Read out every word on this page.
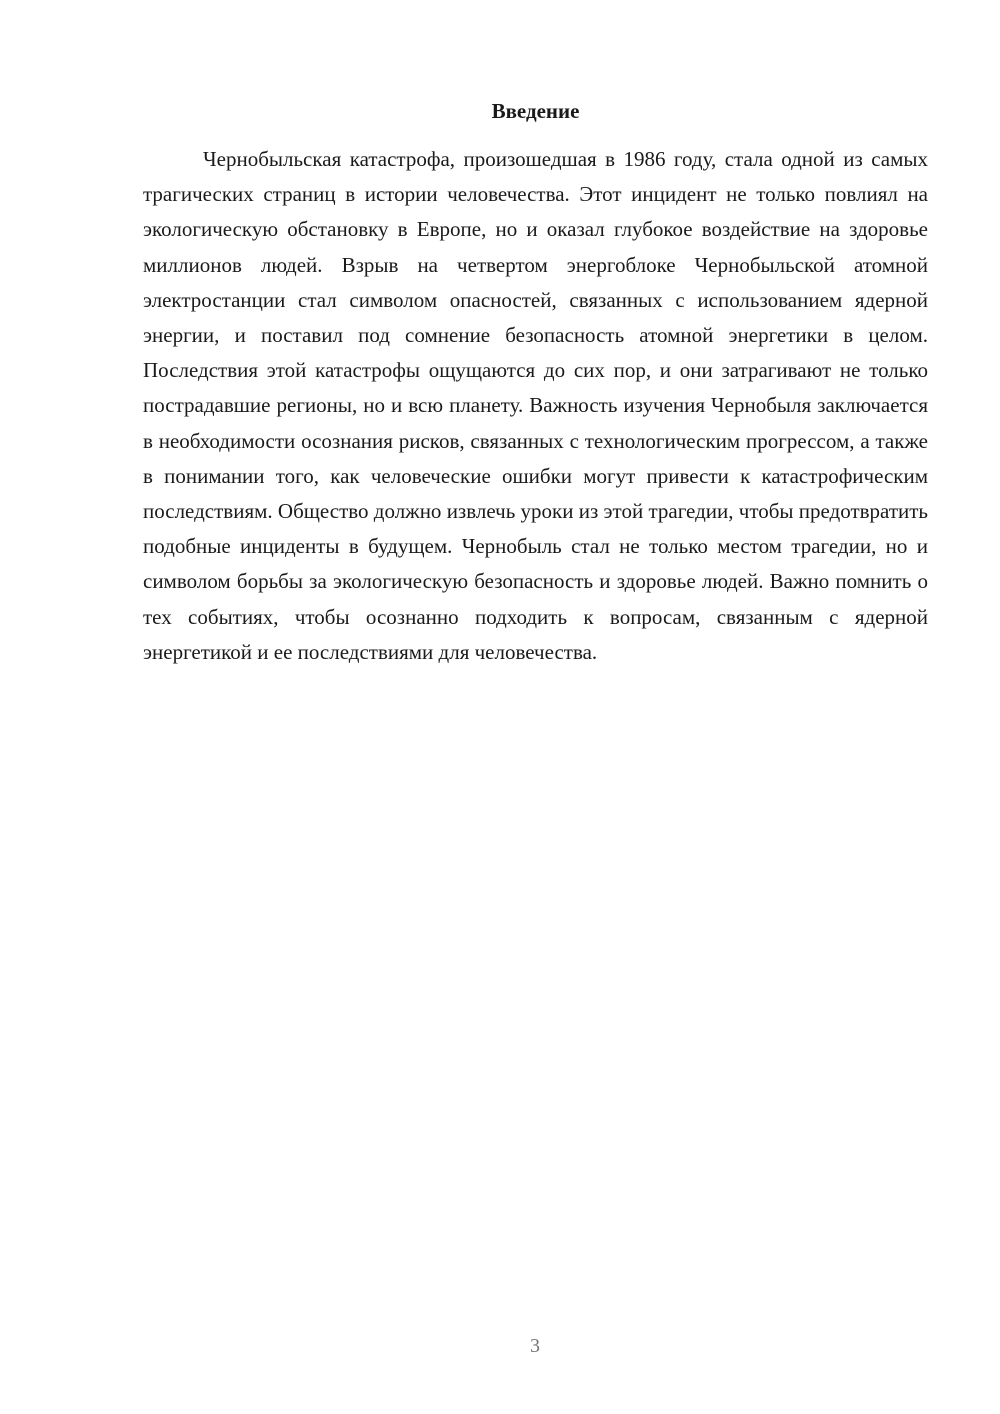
Введение

Чернобыльская катастрофа, произошедшая в 1986 году, стала одной из самых трагических страниц в истории человечества. Этот инцидент не только повлиял на экологическую обстановку в Европе, но и оказал глубокое воздействие на здоровье миллионов людей. Взрыв на четвертом энергоблоке Чернобыльской атомной электростанции стал символом опасностей, связанных с использованием ядерной энергии, и поставил под сомнение безопасность атомной энергетики в целом. Последствия этой катастрофы ощущаются до сих пор, и они затрагивают не только пострадавшие регионы, но и всю планету. Важность изучения Чернобыля заключается в необходимости осознания рисков, связанных с технологическим прогрессом, а также в понимании того, как человеческие ошибки могут привести к катастрофическим последствиям. Общество должно извлечь уроки из этой трагедии, чтобы предотвратить подобные инциденты в будущем. Чернобыль стал не только местом трагедии, но и символом борьбы за экологическую безопасность и здоровье людей. Важно помнить о тех событиях, чтобы осознанно подходить к вопросам, связанным с ядерной энергетикой и ее последствиями для человечества.

3
